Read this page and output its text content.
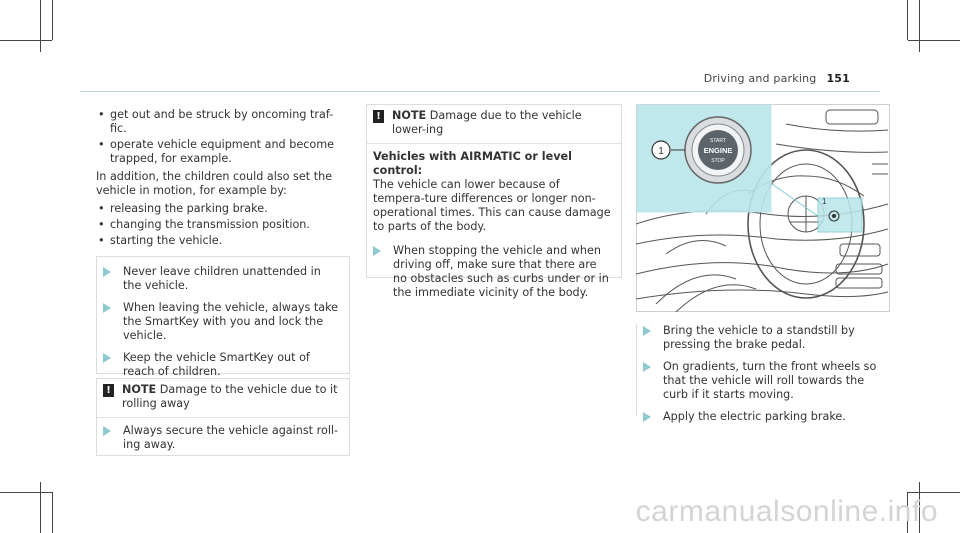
Driving and parking 151
• get out and be struck by oncoming traf-fic.
• operate vehicle equipment and become trapped, for example.
In addition, the children could also set the vehicle in motion, for example by:
• releasing the parking brake.
• changing the transmission position.
• starting the vehicle.
Never leave children unattended in the vehicle.
When leaving the vehicle, always take the SmartKey with you and lock the vehicle.
Keep the vehicle SmartKey out of reach of children.
! NOTE Damage to the vehicle due to it rolling away
Always secure the vehicle against roll-ing away.
! NOTE Damage due to the vehicle lower-ing
Vehicles with AIRMATIC or level control:
The vehicle can lower because of tempera-ture differences or longer non-operational times. This can cause damage to parts of the body.
When stopping the vehicle and when driving off, make sure that there are no obstacles such as curbs under or in the immediate vicinity of the body.
1
START
ENGINE
STOP
1
Bring the vehicle to a standstill by pressing the brake pedal.
On gradients, turn the front wheels so that the vehicle will roll towards the curb if it starts moving.
Apply the electric parking brake.
carmanualsonline.info
